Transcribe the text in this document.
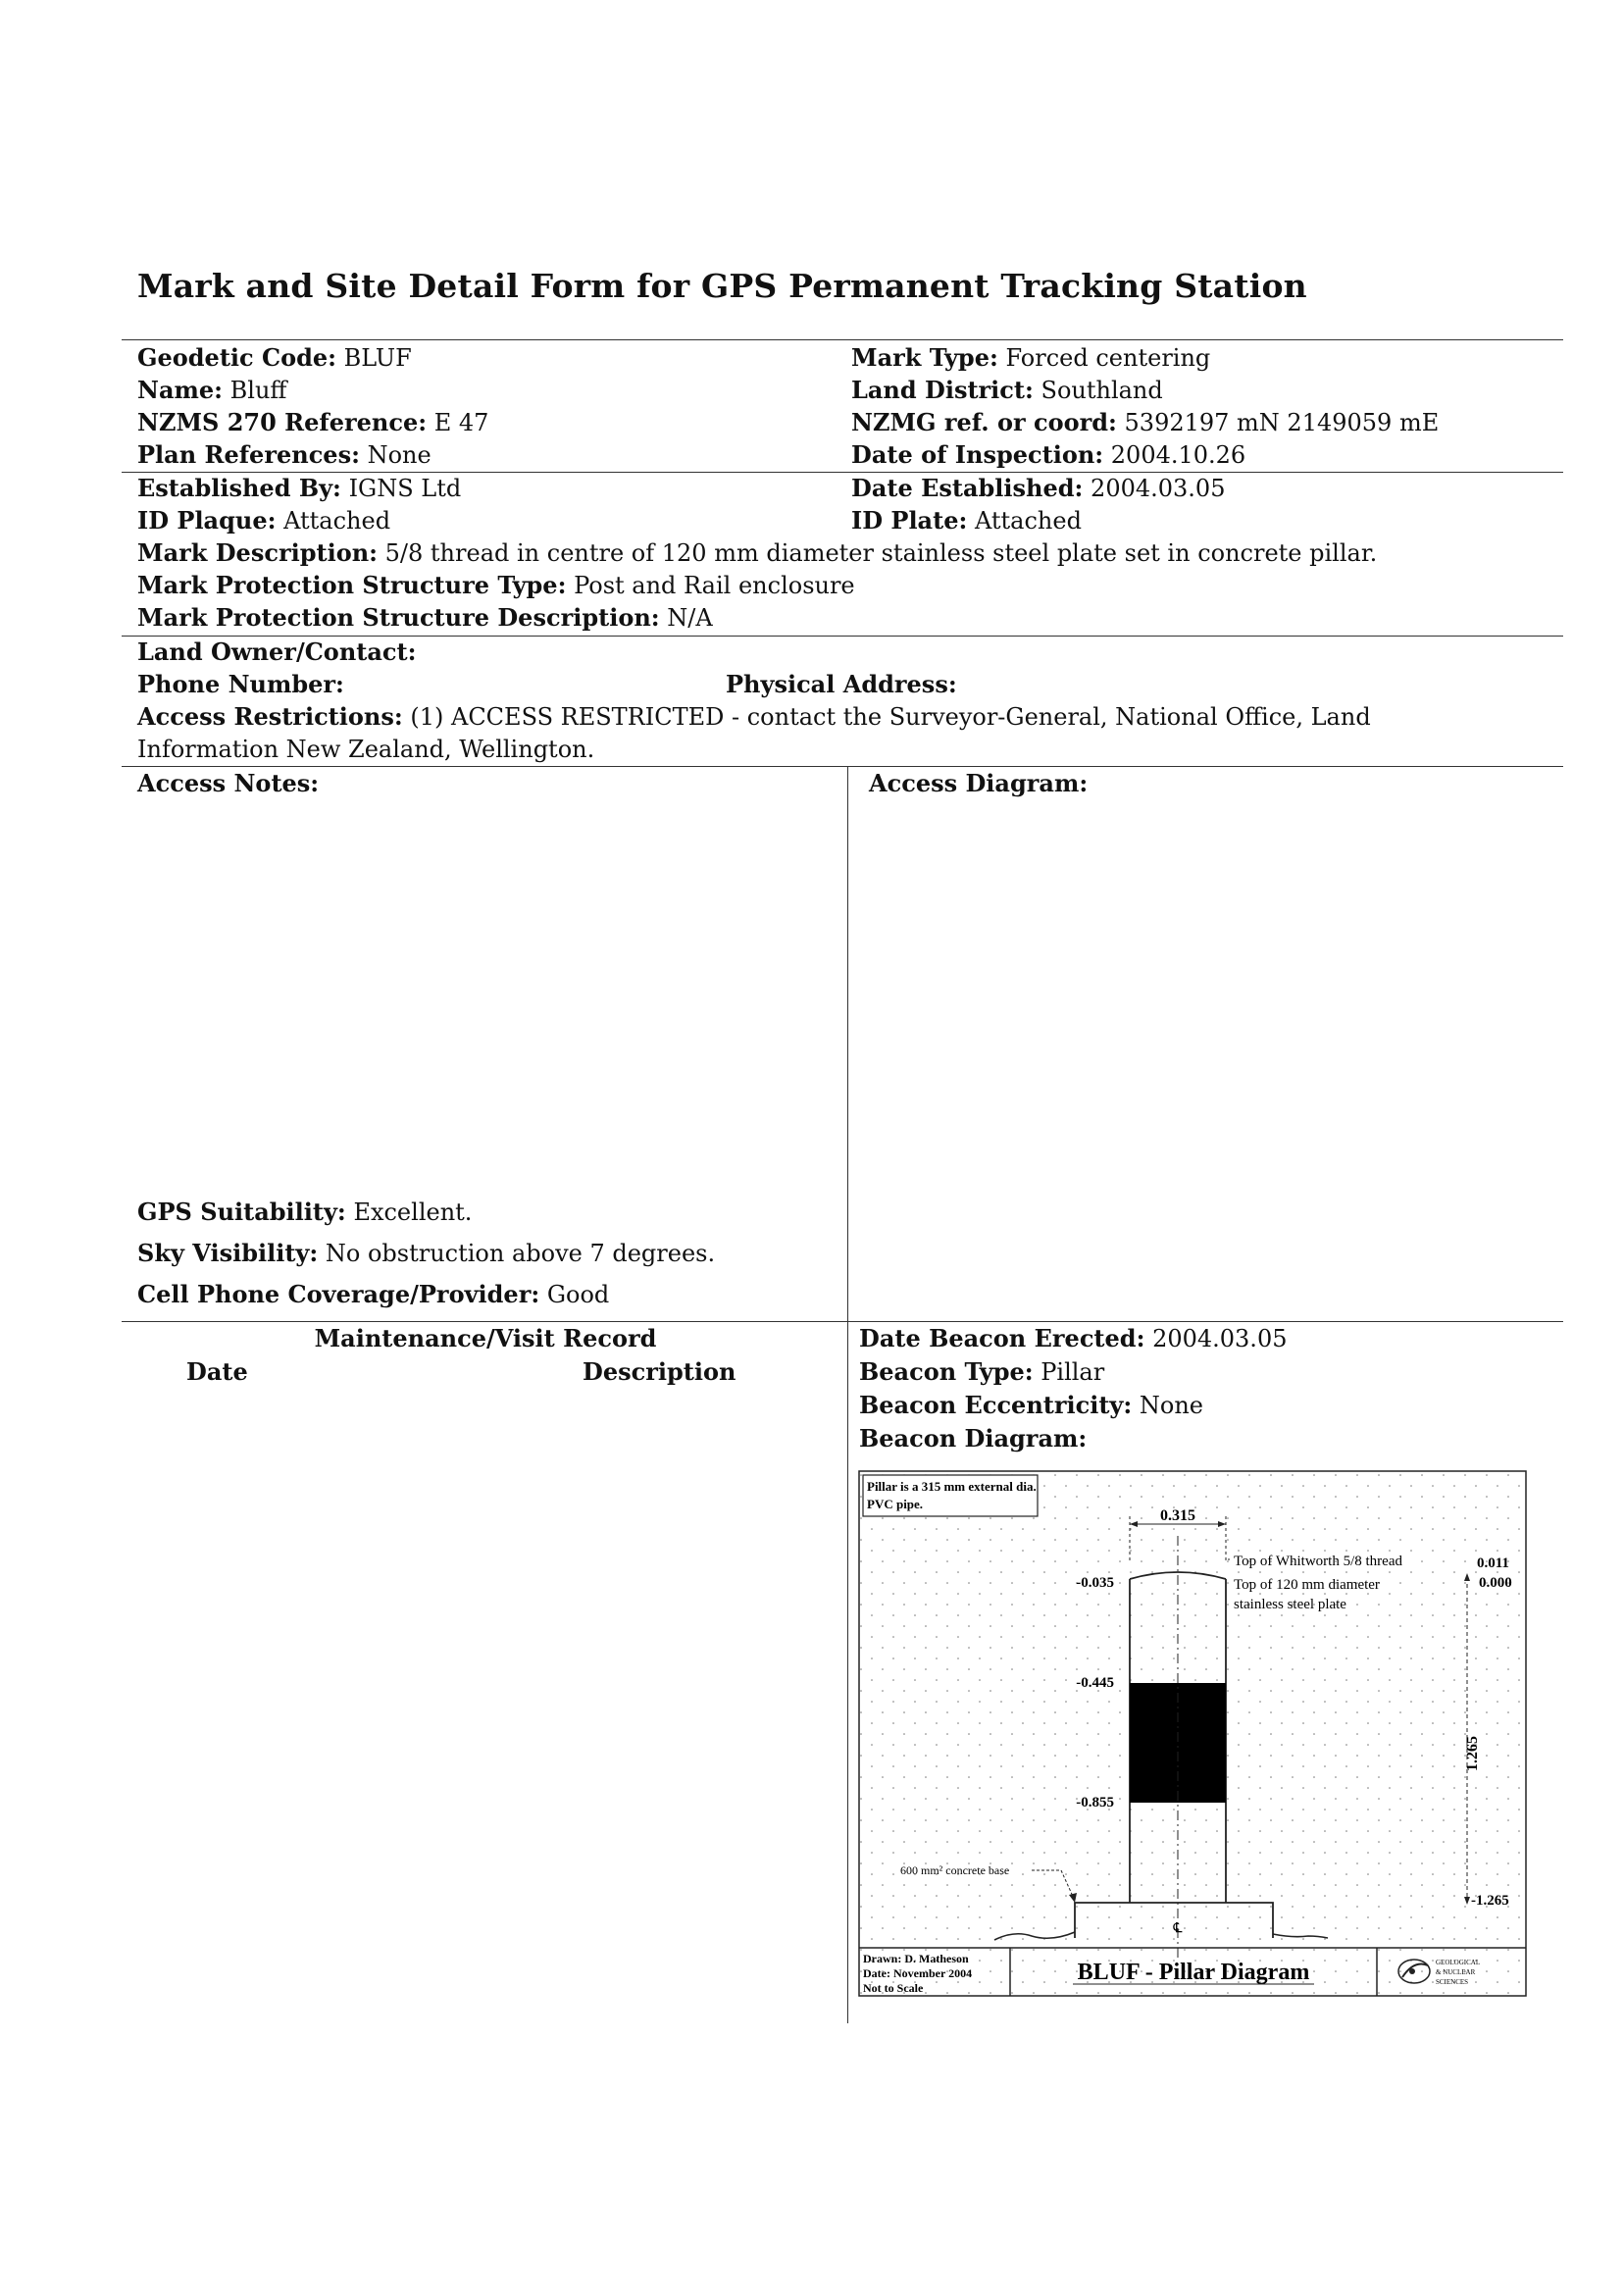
Mark and Site Detail Form for GPS Permanent Tracking Station
Geodetic Code: BLUF	Mark Type: Forced centering
Name: Bluff	Land District: Southland
NZMS 270 Reference: E 47	NZMG ref. or coord: 5392197 mN 2149059 mE
Plan References: None	Date of Inspection: 2004.10.26
Established By: IGNS Ltd	Date Established: 2004.03.05
ID Plaque: Attached	ID Plate: Attached
Mark Description: 5/8 thread in centre of 120 mm diameter stainless steel plate set in concrete pillar.
Mark Protection Structure Type: Post and Rail enclosure
Mark Protection Structure Description: N/A
Land Owner/Contact:
Phone Number:	Physical Address:
Access Restrictions: (1) ACCESS RESTRICTED - contact the Surveyor-General, National Office, Land Information New Zealand, Wellington.
Access Notes:	Access Diagram:
GPS Suitability: Excellent.
Sky Visibility: No obstruction above 7 degrees.
Cell Phone Coverage/Provider: Good
Maintenance/Visit Record
Date	Description
Date Beacon Erected: 2004.03.05
Beacon Type: Pillar
Beacon Eccentricity: None
Beacon Diagram:
Pillar is a 315 mm external dia.
PVC pipe.
0.315
-0.035
-0.445
-0.855
Top of Whitworth 5/8 thread	0.011
Top of 120 mm diameter
stainless steel plate
0.000
1.265
-1.265
600 mm² concrete base
℄
Drawn: D. Matheson
Date: November 2004
Not to Scale
BLUF - Pillar Diagram	GEOLOGICAL
& NUCLEAR
SCIENCES
